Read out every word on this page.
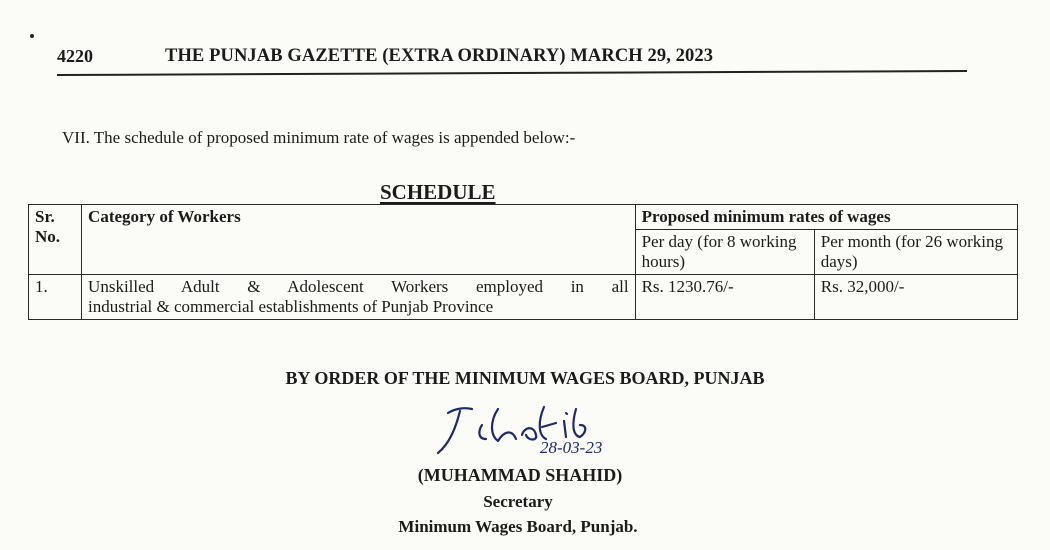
4220	THE PUNJAB GAZETTE (EXTRA ORDINARY) MARCH 29, 2023
VII. The schedule of proposed minimum rate of wages is appended below:-
SCHEDULE
Sr. No.	Category of Workers	Proposed minimum rates of wages	
		Per day (for 8 working hours)	Per month (for 26 working days)
1.	Unskilled Adult & Adolescent Workers employed in all
industrial & commercial establishments of Punjab Province	Rs. 1230.76/-	Rs. 32,000/-
BY ORDER OF THE MINIMUM WAGES BOARD, PUNJAB
28-03-23
(MUHAMMAD SHAHID)
Secretary
Minimum Wages Board, Punjab.
